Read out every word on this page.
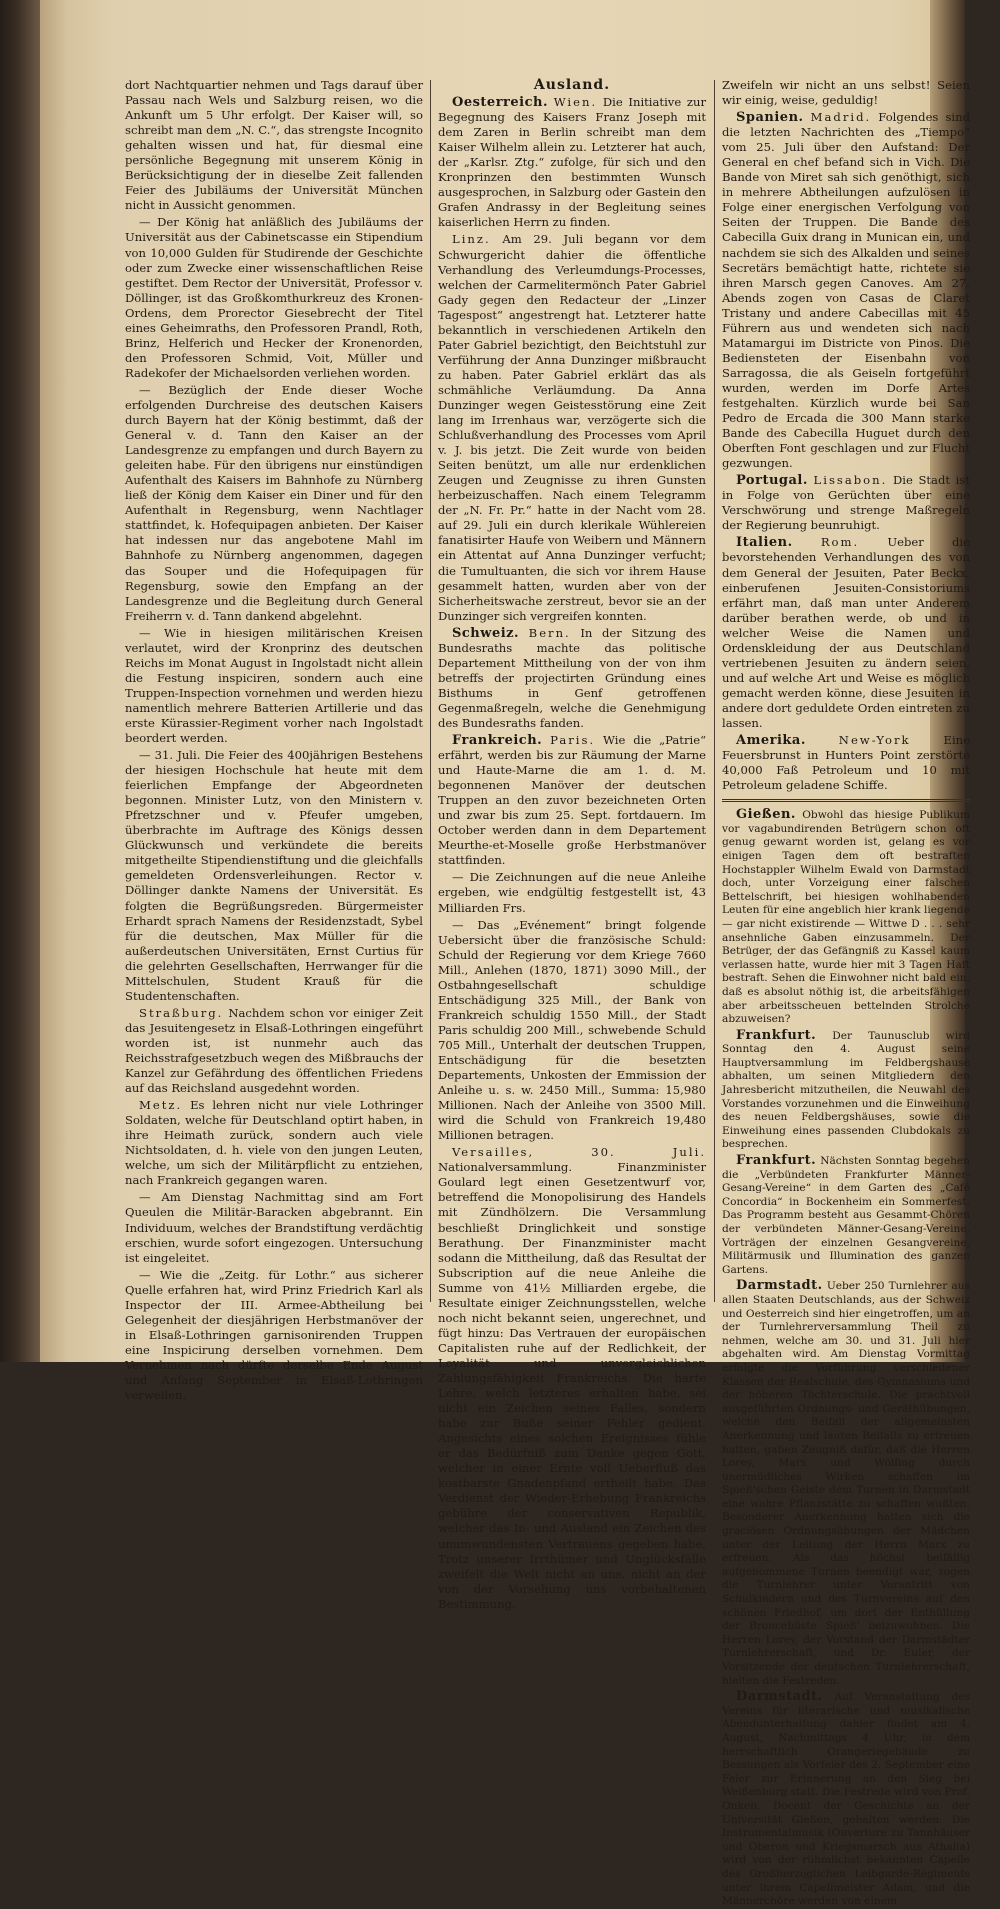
dort Nachtquartier nehmen und Tags darauf über Passau nach Wels und Salzburg reisen, wo die Ankunft um 5 Uhr erfolgt. Der Kaiser will, so schreibt man dem „N. C.“, das strengste Incognito gehalten wissen und hat, für diesmal eine persönliche Begegnung mit unserem König in Berücksichtigung der in dieselbe Zeit fallenden Feier des Jubiläums der Universität München nicht in Aussicht genommen.

— Der König hat anläßlich des Jubiläums der Universität aus der Cabinetscasse ein Stipendium von 10,000 Gulden für Studirende der Geschichte oder zum Zwecke einer wissenschaftlichen Reise gestiftet. Dem Rector der Universität, Professor v. Döllinger, ist das Großkomthurkreuz des Kronen-Ordens, dem Prorector Giesebrecht der Titel eines Geheimraths, den Professoren Prandl, Roth, Brinz, Helferich und Hecker der Kronenorden, den Professoren Schmid, Voit, Müller und Radekofer der Michaelsorden verliehen worden.

— Bezüglich der Ende dieser Woche erfolgenden Durchreise des deutschen Kaisers durch Bayern hat der König bestimmt, daß der General v. d. Tann den Kaiser an der Landesgrenze zu empfangen und durch Bayern zu geleiten habe. Für den übrigens nur einstündigen Aufenthalt des Kaisers im Bahnhofe zu Nürnberg ließ der König dem Kaiser ein Diner und für den Aufenthalt in Regensburg, wenn Nachtlager stattfindet, k. Hofequipagen anbieten. Der Kaiser hat indessen nur das angebotene Mahl im Bahnhofe zu Nürnberg angenommen, dagegen das Souper und die Hofequipagen für Regensburg, sowie den Empfang an der Landesgrenze und die Begleitung durch General Freiherrn v. d. Tann dankend abgelehnt.

— Wie in hiesigen militärischen Kreisen verlautet, wird der Kronprinz des deutschen Reichs im Monat August in Ingolstadt nicht allein die Festung inspiciren, sondern auch eine Truppen-Inspection vornehmen und werden hiezu namentlich mehrere Batterien Artillerie und das erste Kürassier-Regiment vorher nach Ingolstadt beordert werden.

— 31. Juli. Die Feier des 400jährigen Bestehens der hiesigen Hochschule hat heute mit dem feierlichen Empfange der Abgeordneten begonnen. Minister Lutz, von den Ministern v. Pfretzschner und v. Pfeufer umgeben, überbrachte im Auftrage des Königs dessen Glückwunsch und verkündete die bereits mitgetheilte Stipendienstiftung und die gleichfalls gemeldeten Ordensverleihungen. Rector v. Döllinger dankte Namens der Universität. Es folgten die Begrüßungsreden. Bürgermeister Erhardt sprach Namens der Residenzstadt, Sybel für die deutschen, Max Müller für die außerdeutschen Universitäten, Ernst Curtius für die gelehrten Gesellschaften, Herrwanger für die Mittelschulen, Student Krauß für die Studentenschaften.

Straßburg. Nachdem schon vor einiger Zeit das Jesuitengesetz in Elsaß-Lothringen eingeführt worden ist, ist nunmehr auch das Reichsstrafgesetzbuch wegen des Mißbrauchs der Kanzel zur Gefährdung des öffentlichen Friedens auf das Reichsland ausgedehnt worden.

Metz. Es lehren nicht nur viele Lothringer Soldaten, welche für Deutschland optirt haben, in ihre Heimath zurück, sondern auch viele Nichtsoldaten, d. h. viele von den jungen Leuten, welche, um sich der Militärpflicht zu entziehen, nach Frankreich gegangen waren.

— Am Dienstag Nachmittag sind am Fort Queulen die Militär-Baracken abgebrannt. Ein Individuum, welches der Brandstiftung verdächtig erschien, wurde sofort eingezogen. Untersuchung ist eingeleitet.

— Wie die „Zeitg. für Lothr.“ aus sicherer Quelle erfahren hat, wird Prinz Friedrich Karl als Inspector der III. Armee-Abtheilung bei Gelegenheit der diesjährigen Herbstmanöver der in Elsaß-Lothringen garnisonirenden Truppen eine Inspicirung derselben vornehmen. Dem Vernehmen nach dürfte derselbe Ende August und Anfang September in Elsaß-Lothringen verweilen.

Ausland.

Oesterreich. Wien. Die Initiative zur Begegnung des Kaisers Franz Joseph mit dem Zaren in Berlin schreibt man dem Kaiser Wilhelm allein zu. Letzterer hat auch, der „Karlsr. Ztg.“ zufolge, für sich und den Kronprinzen den bestimmten Wunsch ausgesprochen, in Salzburg oder Gastein den Grafen Andrassy in der Begleitung seines kaiserlichen Herrn zu finden.

Linz. Am 29. Juli begann vor dem Schwurgericht dahier die öffentliche Verhandlung des Verleumdungs-Processes, welchen der Carmelitermönch Pater Gabriel Gady gegen den Redacteur der „Linzer Tagespost“ angestrengt hat. Letzterer hatte bekanntlich in verschiedenen Artikeln den Pater Gabriel bezichtigt, den Beichtstuhl zur Verführung der Anna Dunzinger mißbraucht zu haben. Pater Gabriel erklärt das als schmähliche Verläumdung. Da Anna Dunzinger wegen Geistesstörung eine Zeit lang im Irrenhaus war, verzögerte sich die Schlußverhandlung des Processes vom April v. J. bis jetzt. Die Zeit wurde von beiden Seiten benützt, um alle nur erdenklichen Zeugen und Zeugnisse zu ihren Gunsten herbeizuschaffen. Nach einem Telegramm der „N. Fr. Pr.“ hatte in der Nacht vom 28. auf 29. Juli ein durch klerikale Wühlereien fanatisirter Haufe von Weibern und Männern ein Attentat auf Anna Dunzinger verfucht; die Tumultuanten, die sich vor ihrem Hause gesammelt hatten, wurden aber von der Sicherheitswache zerstreut, bevor sie an der Dunzinger sich vergreifen konnten.

Schweiz. Bern. In der Sitzung des Bundesraths machte das politische Departement Mittheilung von der von ihm betreffs der projectirten Gründung eines Bisthums in Genf getroffenen Gegenmaßregeln, welche die Genehmigung des Bundesraths fanden.

Frankreich. Paris. Wie die „Patrie“ erfährt, werden bis zur Räumung der Marne und Haute-Marne die am 1. d. M. begonnenen Manöver der deutschen Truppen an den zuvor bezeichneten Orten und zwar bis zum 25. Sept. fortdauern. Im October werden dann in dem Departement Meurthe-et-Moselle große Herbstmanöver stattfinden.

— Die Zeichnungen auf die neue Anleihe ergeben, wie endgültig festgestellt ist, 43 Milliarden Frs.

— Das „Evénement“ bringt folgende Uebersicht über die französische Schuld: Schuld der Regierung vor dem Kriege 7660 Mill., Anlehen (1870, 1871) 3090 Mill., der Ostbahngesellschaft schuldige Entschädigung 325 Mill., der Bank von Frankreich schuldig 1550 Mill., der Stadt Paris schuldig 200 Mill., schwebende Schuld 705 Mill., Unterhalt der deutschen Truppen, Entschädigung für die besetzten Departements, Unkosten der Emmission der Anleihe u. s. w. 2450 Mill., Summa: 15,980 Millionen. Nach der Anleihe von 3500 Mill. wird die Schuld von Frankreich 19,480 Millionen betragen.

Versailles, 30. Juli. Nationalversammlung. Finanzminister Goulard legt einen Gesetzentwurf vor, betreffend die Monopolisirung des Handels mit Zündhölzern. Die Versammlung beschließt Dringlichkeit und sonstige Berathung. Der Finanzminister macht sodann die Mittheilung, daß das Resultat der Subscription auf die neue Anleihe die Summe von 41½ Milliarden ergebe, die Resultate einiger Zeichnungsstellen, welche noch nicht bekannt seien, ungerechnet, und fügt hinzu: Das Vertrauen der europäischen Capitalisten ruhe auf der Redlichkeit, der Loyalität und unvergleichlichen Zahlungsfähigkeit Frankreichs. Die harte Lehre, welch letzteres erhalten habe, sei nicht ein Zeichen seines Falles, sondern habe zur Buße seiner Fehler gedient. Angesichts eines solchen Ereignisses fühle er das Bedürfniß zum Danke gegen Gott, welcher in einer Ernte voll Ueberfluß das kostbarste Gnadenpfand ertheilt habe. Das Verdienst der Wieder-Erhebung Frankreichs gebühre der conservativen Republik, welcher das In- und Ausland ein Zeichen des unumwundensten Vertrauens gegeben habe. Trotz unserer Irrthümer und Unglücksfälle zweifelt die Welt nicht an uns, nicht an der von der Vorsehung uns vorbehaltenen Bestimmung.

Zweifeln wir nicht an uns selbst! Seien wir einig, weise, geduldig!

Spanien. Madrid. Folgendes sind die letzten Nachrichten des „Tiempo“ vom 25. Juli über den Aufstand: Der General en chef befand sich in Vich. Die Bande von Miret sah sich genöthigt, sich in mehrere Abtheilungen aufzulösen in Folge einer energischen Verfolgung von Seiten der Truppen. Die Bande des Cabecilla Guix drang in Munican ein, und nachdem sie sich des Alkalden und seines Secretärs bemächtigt hatte, richtete sie ihren Marsch gegen Canoves. Am 27. Abends zogen von Casas de Claret Tristany und andere Cabecillas mit 45 Führern aus und wendeten sich nach Matamargui im Districte von Pinos. Die Bediensteten der Eisenbahn von Sarragossa, die als Geiseln fortgeführt wurden, werden im Dorfe Artes festgehalten. Kürzlich wurde bei San Pedro de Ercada die 300 Mann starke Bande des Cabecilla Huguet durch den Oberften Font geschlagen und zur Flucht gezwungen.

Portugal. Lissabon. Die Stadt ist in Folge von Gerüchten über eine Verschwörung und strenge Maßregeln der Regierung beunruhigt.

Italien. Rom. Ueber die bevorstehenden Verhandlungen des von dem General der Jesuiten, Pater Beckx, einberufenen Jesuiten-Consistoriums erfährt man, daß man unter Anderem darüber berathen werde, ob und in welcher Weise die Namen und Ordenskleidung der aus Deutschland vertriebenen Jesuiten zu ändern seien, und auf welche Art und Weise es möglich gemacht werden könne, diese Jesuiten in andere dort geduldete Orden eintreten zu lassen.

Amerika.	New-York	Eine Feuersbrunst in Hunters Point zerstörte 40,000 Faß Petroleum und 10 mit Petroleum geladene Schiffe.

Gießen. Obwohl das hiesige Publikum vor vagabundirenden Betrügern schon oft genug gewarnt worden ist, gelang es vor einigen Tagen dem oft bestraften Hochstappler Wilhelm Ewald von Darmstadt doch, unter Vorzeigung einer falschen Bettelschrift, bei hiesigen wohlhabenden Leuten für eine angeblich hier krank liegende — gar nicht existirende — Wittwe D . . . sehr ansehnliche Gaben einzusammeln. Der Betrüger, der das Gefängniß zu Kassel kaum verlassen hatte, wurde hier mit 3 Tagen Haft bestraft. Sehen die Einwohner nicht bald ein, daß es absolut nöthig ist, die arbeitsfähigen aber arbeitsscheuen bettelnden Strolche abzuweisen?

Frankfurt. Der Taunusclub wird Sonntag den 4. August seine Hauptversammlung im Feldbergshause abhalten, um seinen Mitgliedern den Jahresbericht mitzutheilen, die Neuwahl des Vorstandes vorzunehmen und die Einweihung des neuen Feldbergshäuses, sowie die Einweihung eines passenden Clubdokals zu besprechen.

Frankfurt. Nächsten Sonntag begehen die „Verbündeten Frankfurter Männer-Gesang-Vereine“ in dem Garten des „Café Concordia“ in Bockenheim ein Sommerfest. Das Programm besteht aus Gesammt-Chören der verbündeten Männer-Gesang-Vereine, Vorträgen der einzelnen Gesangvereine, Militärmusik und Illumination des ganzen Gartens.

Darmstadt. Ueber 250 Turnlehrer aus allen Staaten Deutschlands, aus der Schweiz und Oesterreich sind hier eingetroffen, um an der Turnlehrerversammlung Theil zu nehmen, welche am 30. und 31. Juli hier abgehalten wird. Am Dienstag Vormittag erfolgte die Vorführung verschiedener Klassen der Realschule, des Gymnasiums und der höheren Töchterschule. Die prachtvoll ausgeführten Ordnungs- und Geräthübungen, welche den Beifall der allgemeinsten Anerkennung und lauten Beifalls zu erfreuen hatten, gaben Zeugniß dafür, daß die Herren Lorey, Marx und Wölfing durch unermüdliches Wirken schaffen im Spieß'schen Geiste dem Turnen in Darmstadt eine wahre Pflanzstätte zu schaffen wußten. Besonderer Anerkennung hatten sich die graciösen Ordnungsübungen der Mädchen unter der Leitung der Herrn Marx zu erfreuen. Als das höchst beifällig aufgenommene Turnen beendigt war, zogen die Turnlehrer unter Vorantritt von Schulkindern und des Turnvereins auf den schönen Friedhof, um dort der Enthüllung der Broncebüste Spieß' beizuwohnen. Die Herren Lorey, der Vorstand der Darmstädter Turnlehrerschaft, und Dr. Euler, der Vorsitzende der deutschen Turnlehrerschaft, hielten die Festreden.

Darmstadt. Auf Veranstaltung des Vereins für literarische und musikalische Abendunterhaltung dahier findet am 4. August, Nachmittags 4 Uhr, in dem herrschaftlich Orangeriegebäude zu Bessungen als Vorfeier des 2. September eine Feier zur Erinnerung an den Sieg bei Weißenburg statt. Die Festrede wird von Prof. Onken, Docent der Geschichte an der Universität Gießen, gehalten werden. Die Instrumentalmusik (Ouverture zu Tannhäuser und Oberon und Kriegsmarsch aus Athalia) wird von der rühmlichst bekannten Capelle des Großherzoglichen Leibgarde-Regiments unter ihrem Capellmeister Adam, und die Männerchöre werden von einem
